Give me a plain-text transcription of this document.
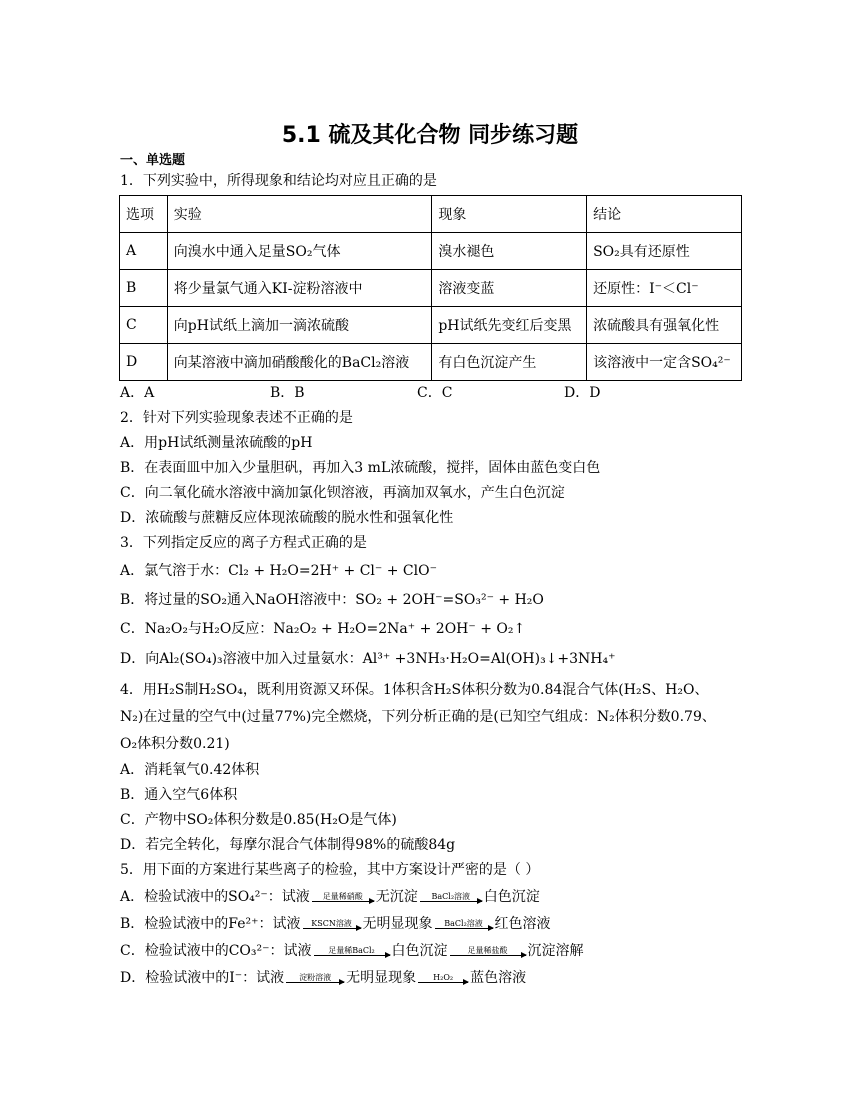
5.1 硫及其化合物 同步练习题
一、单选题
1．下列实验中，所得现象和结论均对应且正确的是
选项	实验	现象	结论
A	向溴水中通入足量SO₂气体	溴水褪色	SO₂具有还原性
B	将少量氯气通入KI-淀粉溶液中	溶液变蓝	还原性：I⁻＜Cl⁻
C	向pH试纸上滴加一滴浓硫酸	pH试纸先变红后变黑	浓硫酸具有强氧化性
D	向某溶液中滴加硝酸酸化的BaCl₂溶液	有白色沉淀产生	该溶液中一定含SO₄²⁻
A．A	B．B	C．C	D．D
2．针对下列实验现象表述不正确的是
A．用pH试纸测量浓硫酸的pH
B．在表面皿中加入少量胆矾，再加入3 mL浓硫酸，搅拌，固体由蓝色变白色
C．向二氧化硫水溶液中滴加氯化钡溶液，再滴加双氧水，产生白色沉淀
D．浓硫酸与蔗糖反应体现浓硫酸的脱水性和强氧化性
3．下列指定反应的离子方程式正确的是
A．氯气溶于水：Cl₂ + H₂O=2H⁺ + Cl⁻ + ClO⁻
B．将过量的SO₂通入NaOH溶液中：SO₂ + 2OH⁻=SO₃²⁻ + H₂O
C．Na₂O₂与H₂O反应：Na₂O₂ + H₂O=2Na⁺ + 2OH⁻ + O₂↑
D．向Al₂(SO₄)₃溶液中加入过量氨水：Al³⁺ +3NH₃·H₂O=Al(OH)₃↓+3NH₄⁺
4．用H₂S制H₂SO₄，既利用资源又环保。1体积含H₂S体积分数为0.84混合气体(H₂S、H₂O、
N₂)在过量的空气中(过量77%)完全燃烧，下列分析正确的是(已知空气组成：N₂体积分数0.79、
O₂体积分数0.21)
A．消耗氧气0.42体积
B．通入空气6体积
C．产物中SO₂体积分数是0.85(H₂O是气体)
D．若完全转化，每摩尔混合气体制得98%的硫酸84g
5．用下面的方案进行某些离子的检验，其中方案设计严密的是（ ）
A．检验试液中的SO₄²⁻：试液 足量稀硝酸 无沉淀 BaCl₂溶液 白色沉淀
B．检验试液中的Fe²⁺：试液 KSCN溶液 无明显现象 BaCl₂溶液 红色溶液
C．检验试液中的CO₃²⁻：试液 足量稀BaCl₂ 白色沉淀	足量稀盐酸 沉淀溶解
D．检验试液中的I⁻：试液 淀粉溶液 无明显现象 H₂O₂ 蓝色溶液
